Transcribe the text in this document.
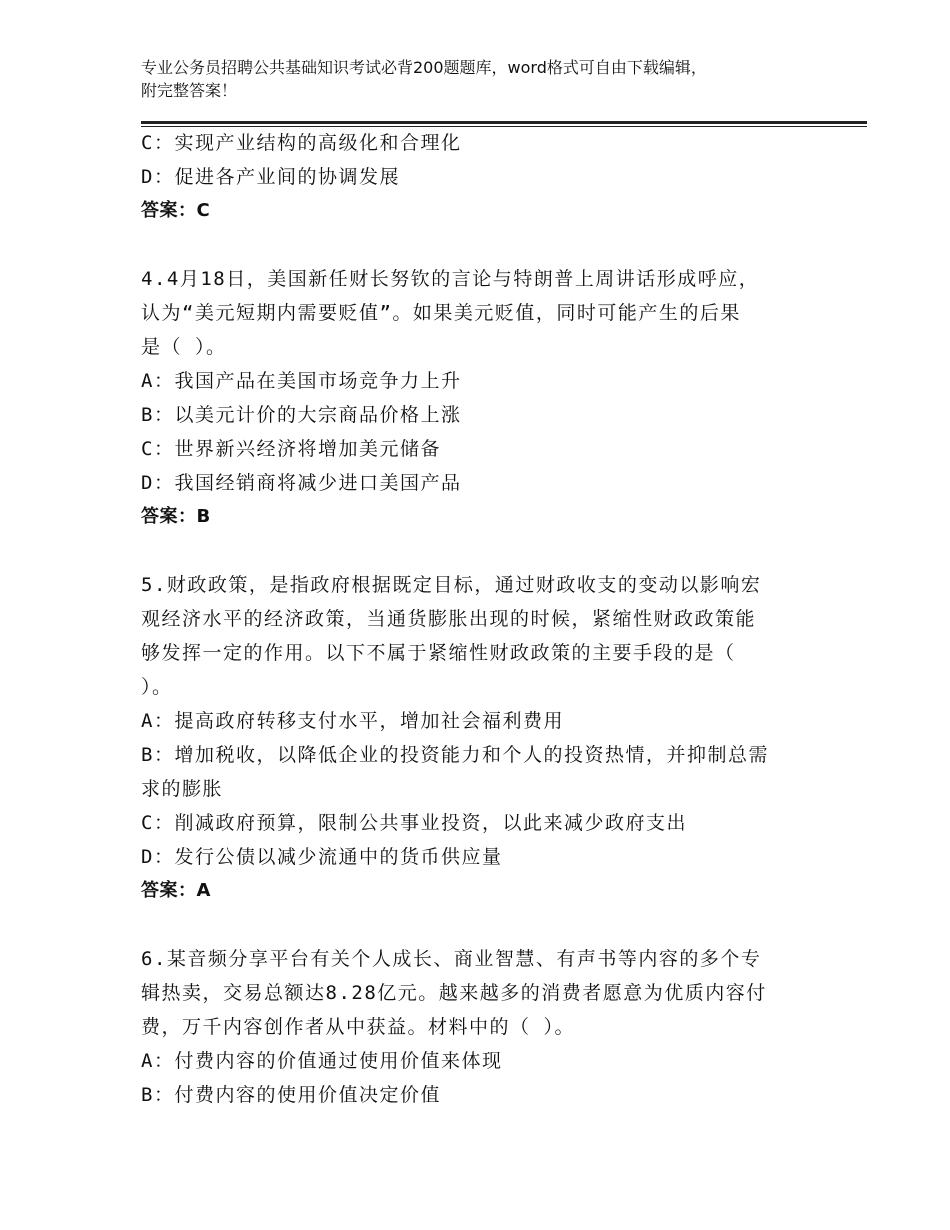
专业公务员招聘公共基础知识考试必背200题题库，word格式可自由下载编辑，
附完整答案！
C：实现产业结构的高级化和合理化
D：促进各产业间的协调发展
答案：C
4.4月18日，美国新任财长努钦的言论与特朗普上周讲话形成呼应，
认为“美元短期内需要贬值”。如果美元贬值，同时可能产生的后果
是（ ）。
A：我国产品在美国市场竞争力上升
B：以美元计价的大宗商品价格上涨
C：世界新兴经济将增加美元储备
D：我国经销商将减少进口美国产品
答案：B
5.财政政策，是指政府根据既定目标，通过财政收支的变动以影响宏
观经济水平的经济政策，当通货膨胀出现的时候，紧缩性财政政策能
够发挥一定的作用。以下不属于紧缩性财政政策的主要手段的是（
）。
A：提高政府转移支付水平，增加社会福利费用
B：增加税收，以降低企业的投资能力和个人的投资热情，并抑制总需
求的膨胀
C：削减政府预算，限制公共事业投资，以此来减少政府支出
D：发行公债以减少流通中的货币供应量
答案：A
6.某音频分享平台有关个人成长、商业智慧、有声书等内容的多个专
辑热卖，交易总额达8.28亿元。越来越多的消费者愿意为优质内容付
费，万千内容创作者从中获益。材料中的（ ）。
A：付费内容的价值通过使用价值来体现
B：付费内容的使用价值决定价值
